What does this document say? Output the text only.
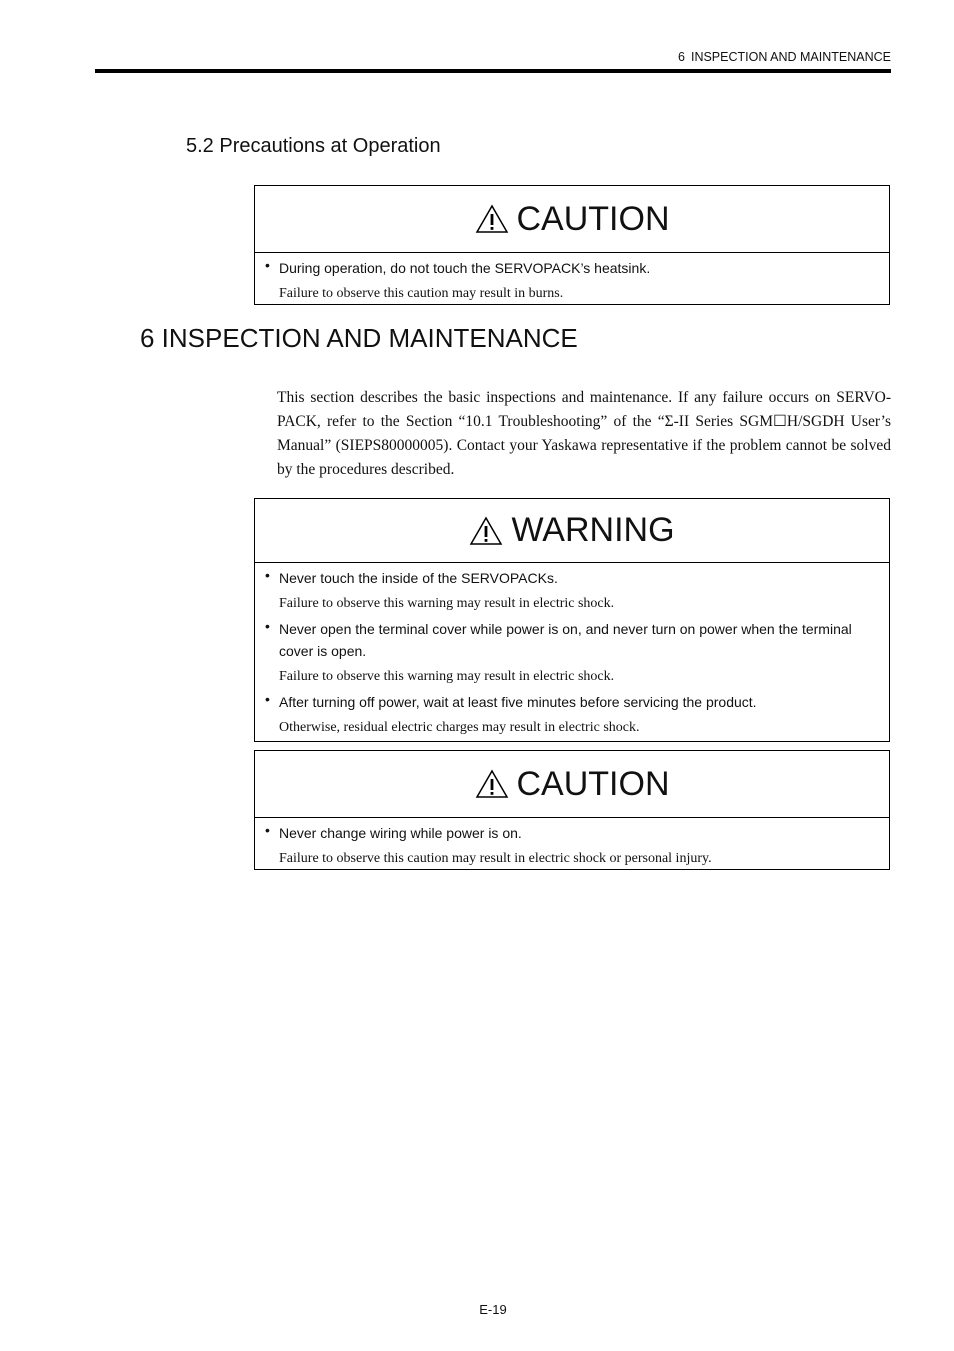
6 INSPECTION AND MAINTENANCE
5.2 Precautions at Operation
CAUTION
• During operation, do not touch the SERVOPACK’s heatsink.
Failure to observe this caution may result in burns.
6 INSPECTION AND MAINTENANCE
This section describes the basic inspections and maintenance. If any failure occurs on SERVO-PACK, refer to the Section “10.1 Troubleshooting” of the “Σ-II Series SGM☐H/SGDH User’s Manual” (SIEPS80000005). Contact your Yaskawa representative if the problem cannot be solved by the procedures described.
WARNING
• Never touch the inside of the SERVOPACKs.
Failure to observe this warning may result in electric shock.
• Never open the terminal cover while power is on, and never turn on power when the terminal cover is open.
Failure to observe this warning may result in electric shock.
• After turning off power, wait at least five minutes before servicing the product.
Otherwise, residual electric charges may result in electric shock.
CAUTION
• Never change wiring while power is on.
Failure to observe this caution may result in electric shock or personal injury.
E-19
